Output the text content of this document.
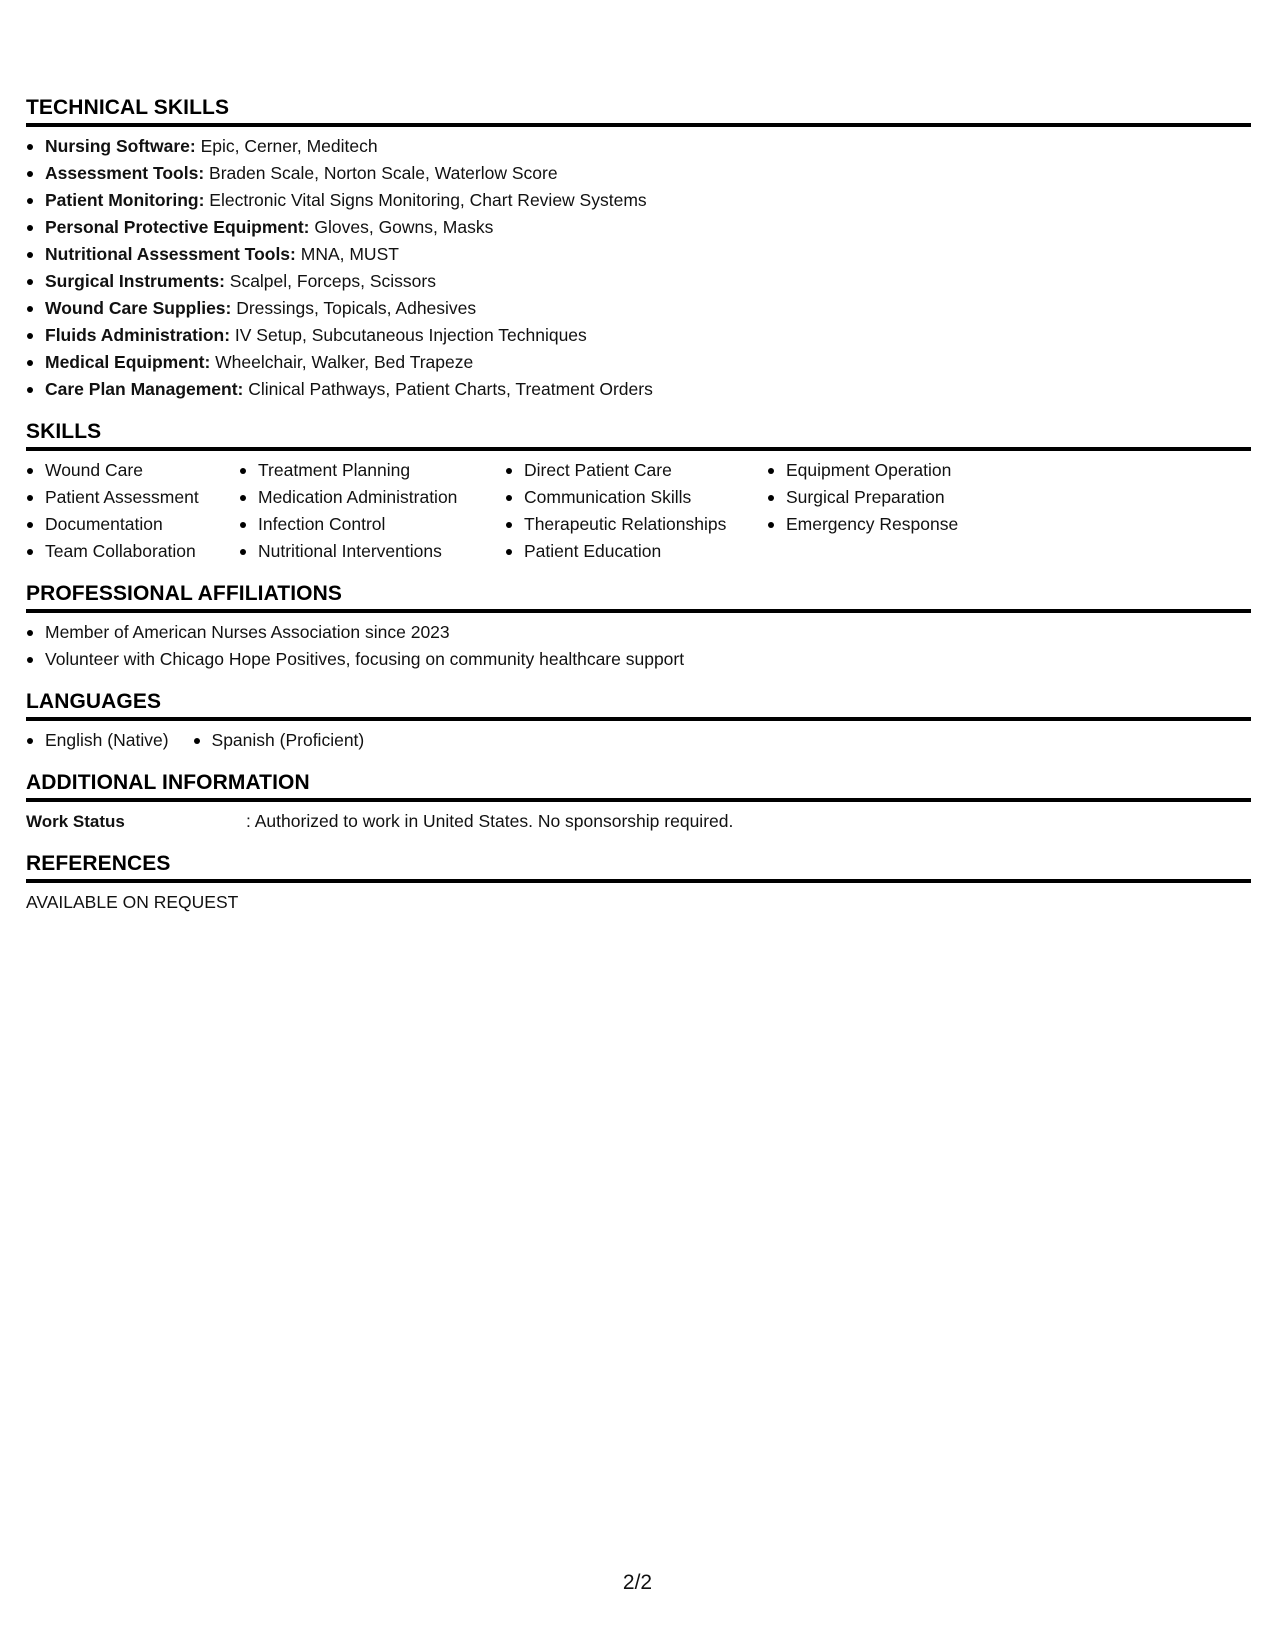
TECHNICAL SKILLS
Nursing Software: Epic, Cerner, Meditech
Assessment Tools: Braden Scale, Norton Scale, Waterlow Score
Patient Monitoring: Electronic Vital Signs Monitoring, Chart Review Systems
Personal Protective Equipment: Gloves, Gowns, Masks
Nutritional Assessment Tools: MNA, MUST
Surgical Instruments: Scalpel, Forceps, Scissors
Wound Care Supplies: Dressings, Topicals, Adhesives
Fluids Administration: IV Setup, Subcutaneous Injection Techniques
Medical Equipment: Wheelchair, Walker, Bed Trapeze
Care Plan Management: Clinical Pathways, Patient Charts, Treatment Orders
SKILLS
Wound Care
Patient Assessment
Documentation
Team Collaboration
Treatment Planning
Medication Administration
Infection Control
Nutritional Interventions
Direct Patient Care
Communication Skills
Therapeutic Relationships
Patient Education
Equipment Operation
Surgical Preparation
Emergency Response
PROFESSIONAL AFFILIATIONS
Member of American Nurses Association since 2023
Volunteer with Chicago Hope Positives, focusing on community healthcare support
LANGUAGES
English (Native)	Spanish (Proficient)
ADDITIONAL INFORMATION
Work Status	: Authorized to work in United States. No sponsorship required.
REFERENCES
AVAILABLE ON REQUEST
2/2
